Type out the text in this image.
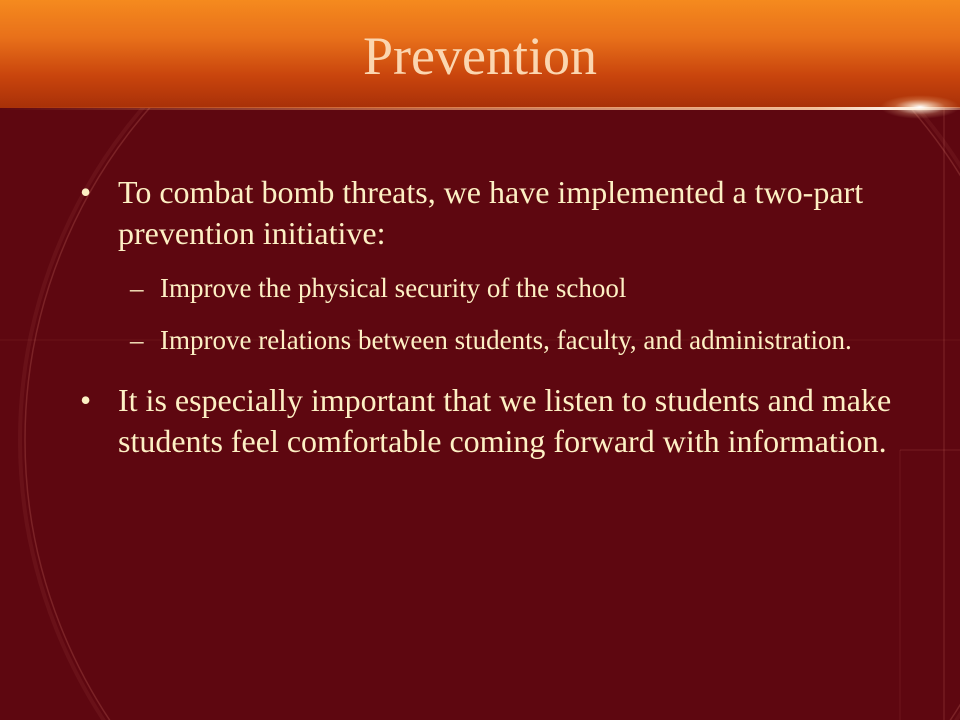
Prevention
• To combat bomb threats, we have implemented a two-part prevention initiative:
– Improve the physical security of the school
– Improve relations between students, faculty, and administration.
• It is especially important that we listen to students and make students feel comfortable coming forward with information.
